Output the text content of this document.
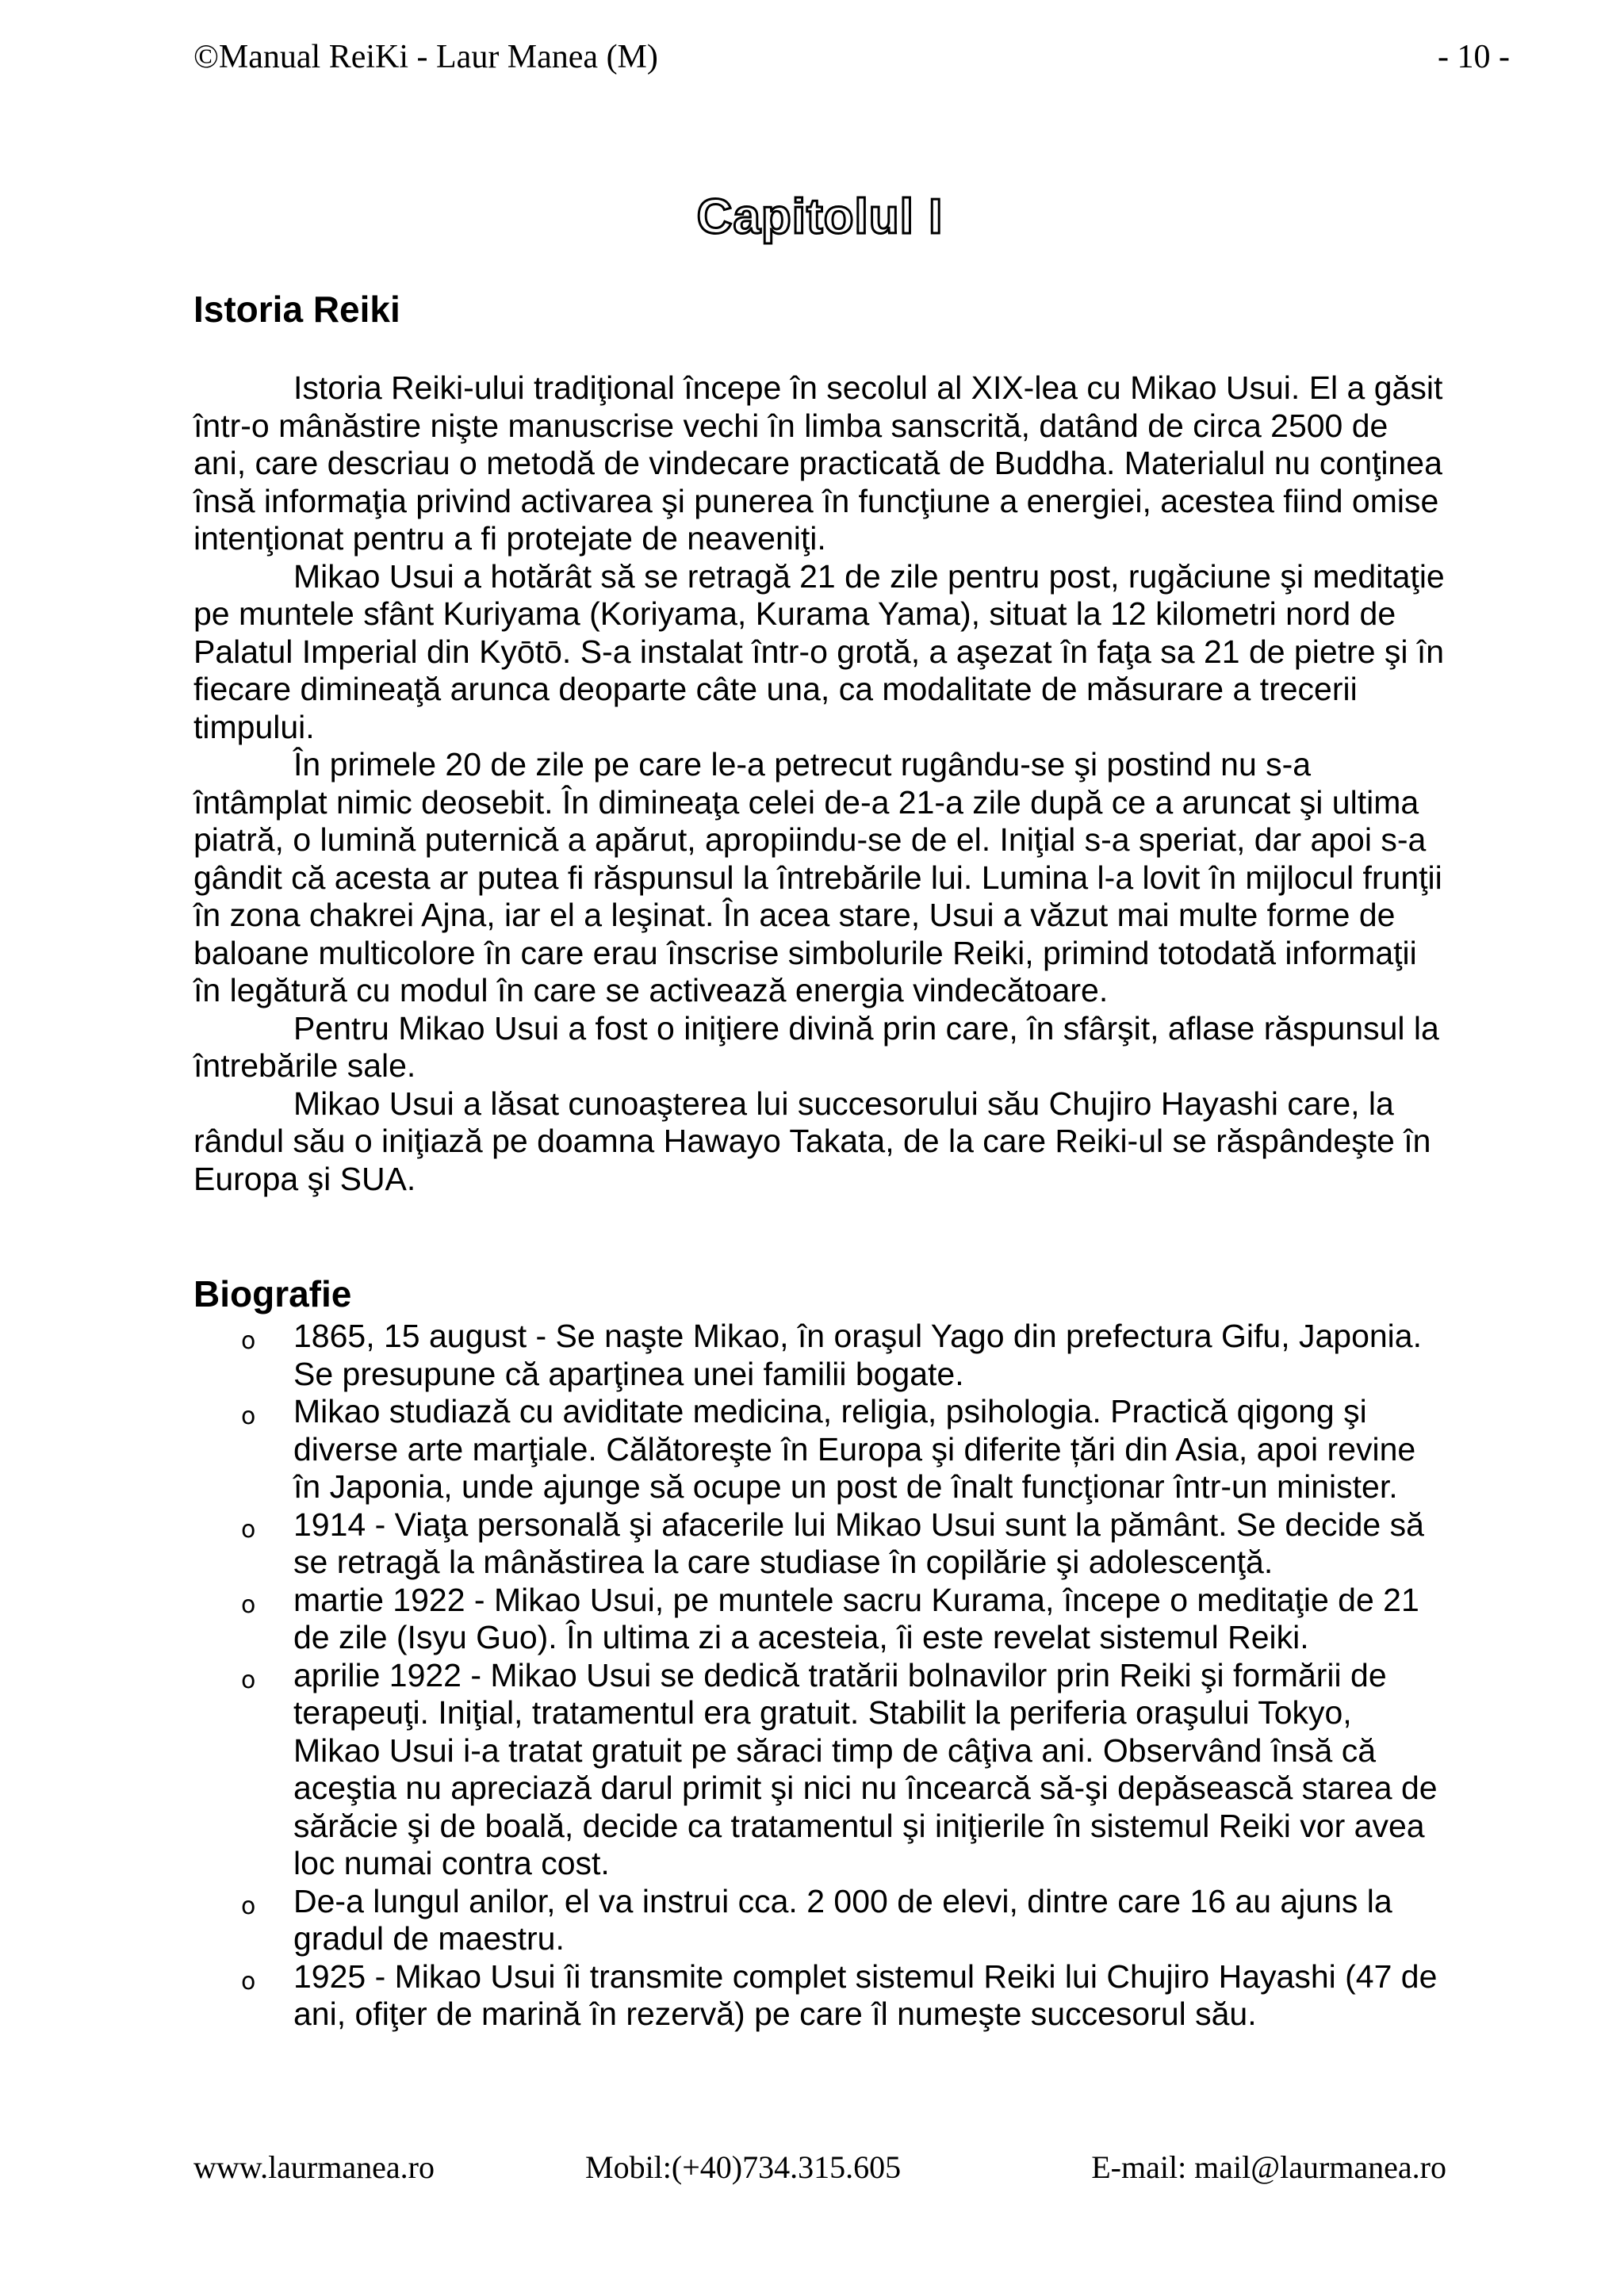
©Manual ReiKi - Laur Manea (M)	- 10 -
Capitolul I
Istoria Reiki

Istoria Reiki-ului tradiţional începe în secolul al XIX-lea cu Mikao Usui. El a găsit într-o mânăstire nişte manuscrise vechi în limba sanscrită, datând de circa 2500 de ani, care descriau o metodă de vindecare practicată de Buddha. Materialul nu conţinea însă informaţia privind activarea şi punerea în funcţiune a energiei, acestea fiind omise intenţionat pentru a fi protejate de neaveniţi.

Mikao Usui a hotărât să se retragă 21 de zile pentru post, rugăciune şi meditaţie pe muntele sfânt Kuriyama (Koriyama, Kurama Yama), situat la 12 kilometri nord de Palatul Imperial din Kyōtō. S-a instalat într-o grotă, a aşezat în faţa sa 21 de pietre şi în fiecare dimineaţă arunca deoparte câte una, ca modalitate de măsurare a trecerii timpului.

În primele 20 de zile pe care le-a petrecut rugându-se şi postind nu s-a întâmplat nimic deosebit. În dimineaţa celei de-a 21-a zile după ce a aruncat şi ultima piatră, o lumină puternică a apărut, apropiindu-se de el. Iniţial s-a speriat, dar apoi s-a gândit că acesta ar putea fi răspunsul la întrebările lui. Lumina l-a lovit în mijlocul frunţii în zona chakrei Ajna, iar el a leşinat. În acea stare, Usui a văzut mai multe forme de baloane multicolore în care erau înscrise simbolurile Reiki, primind totodată informaţii în legătură cu modul în care se activează energia vindecătoare.

Pentru Mikao Usui a fost o iniţiere divină prin care, în sfârşit, aflase răspunsul la întrebările sale.

Mikao Usui a lăsat cunoaşterea lui succesorului său Chujiro Hayashi care, la rândul său o iniţiază pe doamna Hawayo Takata, de la care Reiki-ul se răspândeşte în Europa şi SUA.

Biografie
o 1865, 15 august - Se naşte Mikao, în oraşul Yago din prefectura Gifu, Japonia. Se presupune că aparţinea unei familii bogate.
o Mikao studiază cu aviditate medicina, religia, psihologia. Practică qigong şi diverse arte marţiale. Călătoreşte în Europa şi diferite țări din Asia, apoi revine în Japonia, unde ajunge să ocupe un post de înalt funcţionar într-un minister.
o 1914 - Viaţa personală şi afacerile lui Mikao Usui sunt la pământ. Se decide să se retragă la mânăstirea la care studiase în copilărie şi adolescenţă.
o martie 1922 - Mikao Usui, pe muntele sacru Kurama, începe o meditaţie de 21 de zile (Isyu Guo). În ultima zi a acesteia, îi este revelat sistemul Reiki.
o aprilie 1922 - Mikao Usui se dedică tratării bolnavilor prin Reiki şi formării de terapeuţi. Iniţial, tratamentul era gratuit. Stabilit la periferia oraşului Tokyo, Mikao Usui i-a tratat gratuit pe săraci timp de câţiva ani. Observând însă că aceştia nu apreciază darul primit şi nici nu încearcă să-şi depăsească starea de sărăcie şi de boală, decide ca tratamentul şi iniţierile în sistemul Reiki vor avea loc numai contra cost.
o De-a lungul anilor, el va instrui cca. 2 000 de elevi, dintre care 16 au ajuns la gradul de maestru.
o 1925 - Mikao Usui îi transmite complet sistemul Reiki lui Chujiro Hayashi (47 de ani, ofiţer de marină în rezervă) pe care îl numeşte succesorul său.
www.laurmanea.ro	Mobil:(+40)734.315.605	E-mail: mail@laurmanea.ro
